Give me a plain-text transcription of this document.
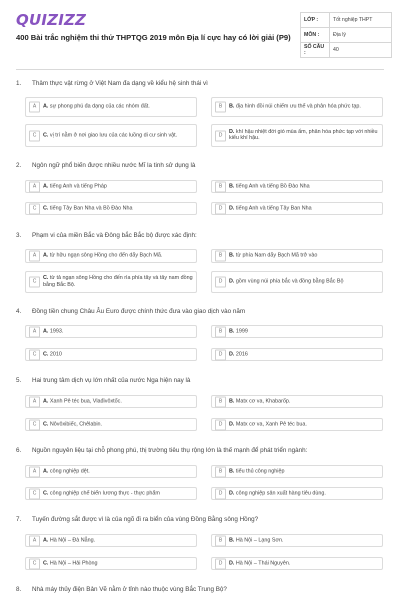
QUIZIZZ
400 Bài trắc nghiệm thi thử THPTQG 2019 môn Địa lí cực hay có lời giải (P9)
LỚP :	Tốt nghiệp THPT
MÔN :	Địa lý
SỐ CÂU :	40
1. Thâm thực vật rừng ở Việt Nam đa dạng về kiểu hệ sinh thái vì
2. Ngôn ngữ phổ biến được nhiều nước Mĩ la tinh sử dụng là
3. Phạm vi của miền Bắc và Đông bắc Bắc bộ được xác định:
4. Đồng tiền chung Châu Âu Euro được chính thức đưa vào giao dịch vào năm
5. Hai trung tâm dịch vụ lớn nhất của nước Nga hiện nay là
6. Nguồn nguyên liệu tại chỗ phong phú, thị trường tiêu thụ rộng lớn là thế mạnh để phát triển ngành:
7. Tuyến đường sắt được vì là của ngõ đi ra biển của vùng Đồng Bằng sông Hồng?
8. Nhà máy thủy điện Bản Vẽ nằm ở tỉnh nào thuộc vùng Bắc Trung Bộ?
A	A. sự phong phú đa dạng của các nhóm đất.	B	B. địa hình đồi núi chiếm ưu thế và phân hóa phức tạp.
C	C. vị trí nằm ở nơi giao lưu của các luồng di cư sinh vật.	D
D. khí hậu nhiệt đới gió mùa ẩm, phân hóa phức tạp với nhiều kiểu khí hậu.
A	A. tiếng Anh và tiếng Pháp	B	B. tiếng Anh và tiếng Bồ Đào Nha
C	C. tiếng Tây Ban Nha và Bồ Đào Nha	D	D. tiếng Anh và tiếng Tây Ban Nha
A	A. từ hữu ngạn sông Hồng cho đến dãy Bạch Mã.	B	B. từ phía Nam dãy Bạch Mã trở vào
C
C. từ tả ngạn sông Hồng cho đến rìa phía tây và tây nam đồng bằng Bắc Bộ.
D	D. gồm vùng núi phía bắc và đồng bằng Bắc Bộ
A	A. 1993.	B	B. 1999
C	C. 2010	D	D. 2016
A	A. Xanh Pê téc bua, Vlađivôxtốc.	B	B. Matx cơ va, Khabarốp.
C	C. Nôvôxibiếc, Chêlabin.	D	D. Matx cơ va, Xanh Pê téc bua.
A	A. công nghiệp dệt.	B	B. tiểu thủ công nghiệp
C	C. công nghiệp chế biến lương thực - thực phẩm	D	D. công nghiệp sản xuất hàng tiêu dùng.
A	A. Hà Nội – Đà Nẵng.	B	B. Hà Nội – Lạng Sơn.
C	C. Hà Nội – Hải Phòng	D	D. Hà Nội – Thái Nguyên.
